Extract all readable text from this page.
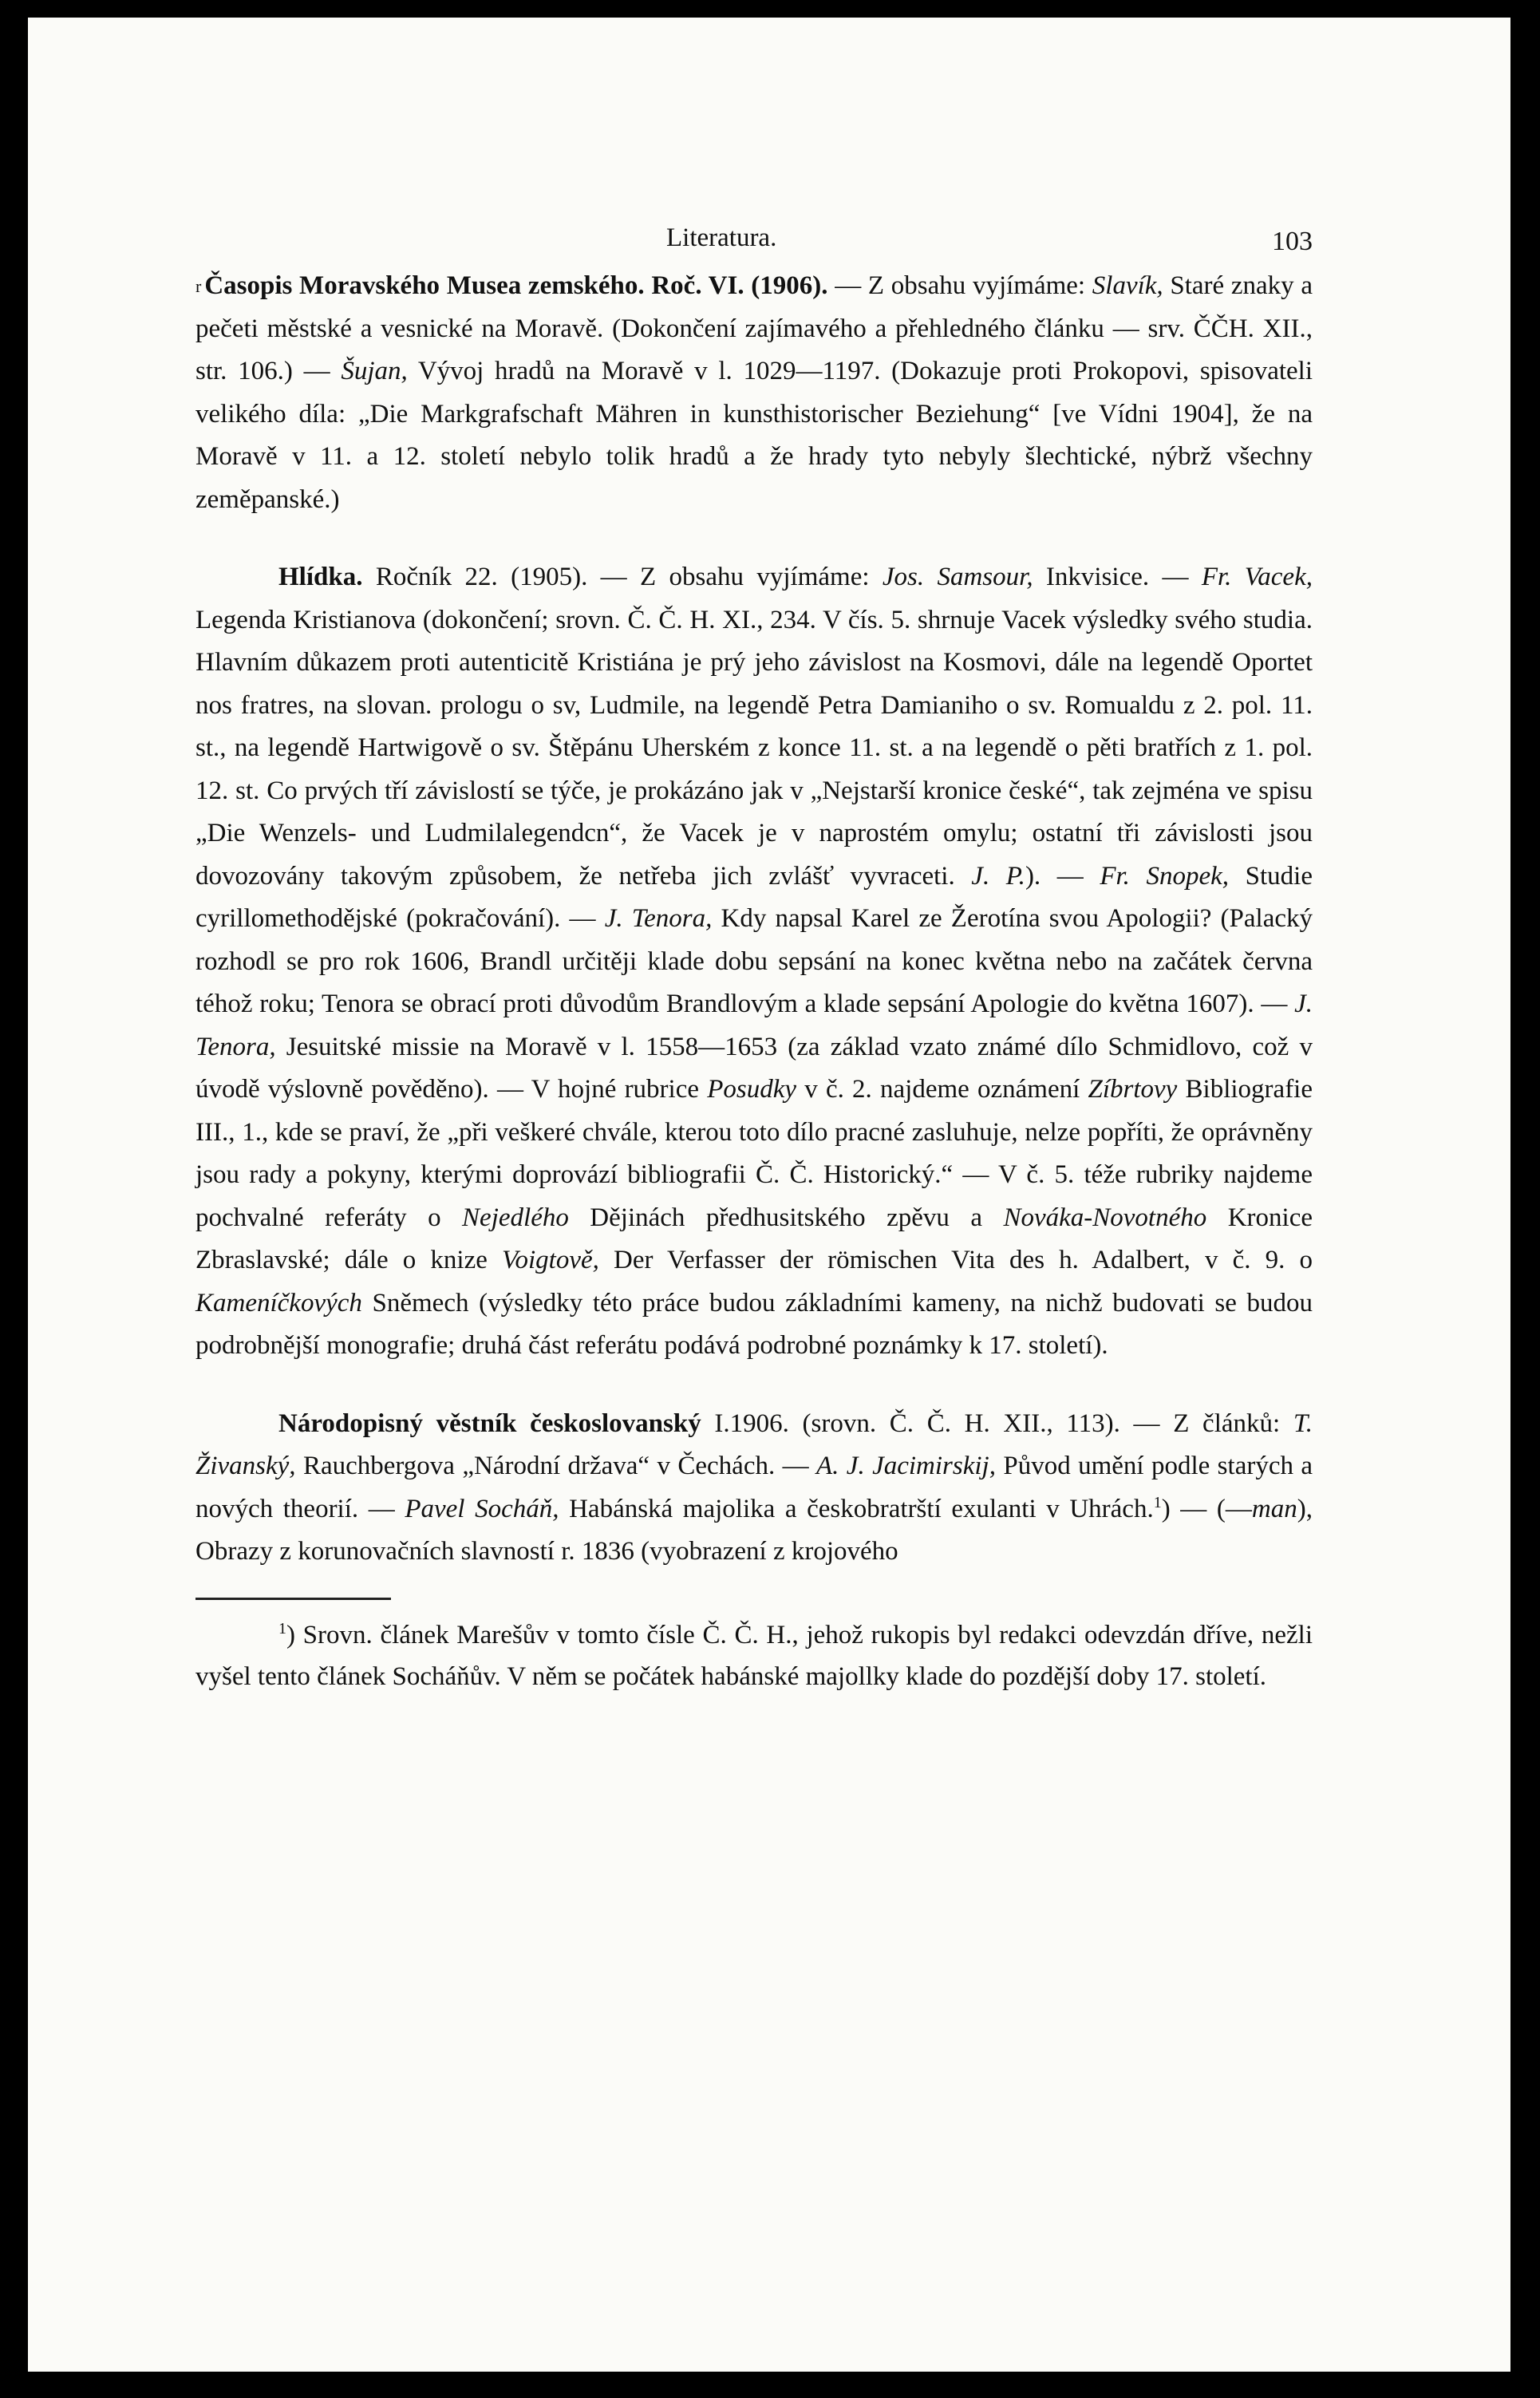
Literatura.	103

$^r$ Časopis Moravského Musea zemského. Roč. VI. (1906). — Z obsahu vyjímáme: Slavík, Staré znaky a pečeti městské a vesnické na Moravě. (Dokončení zajímavého a přehledného článku — srv. ČČH. XII., str. 106.) — Šujan, Vývoj hradů na Moravě v l. 1029—1197. (Dokazuje proti Prokopovi, spisovateli velikého díla: „Die Markgrafschaft Mähren in kunsthistorischer Beziehung“ [ve Vídni 1904], že na Moravě v 11. a 12. století nebylo tolik hradů a že hrady tyto nebyly šlechtické, nýbrž všechny zeměpanské.)

Hlídka. Ročník 22. (1905). — Z obsahu vyjímáme: Jos. Samsour, Inkvisice. — Fr. Vacek, Legenda Kristianova (dokončení; srovn. Č. Č. H. XI., 234. V čís. 5. shrnuje Vacek výsledky svého studia. Hlavním důkazem proti autenticitě Kristiána je prý jeho závislost na Kosmovi, dále na legendě Oportet nos fratres, na slovan. prologu o sv, Ludmile, na legendě Petra Damianiho o sv. Romualdu z 2. pol. 11. st., na legendě Hartwigově o sv. Štěpánu Uherském z konce 11. st. a na legendě o pěti bratřích z 1. pol. 12. st. Co prvých tří závislostí se týče, je prokázáno jak v „Nejstarší kronice české“, tak zejména ve spisu „Die Wenzels- und Ludmilalegendcn“, že Vacek je v naprostém omylu; ostatní tři závislosti jsou dovozovány takovým způsobem, že netřeba jich zvlášť vyvraceti. J. P.). — Fr. Snopek, Studie cyrillomethodějské (pokračování). — J. Tenora, Kdy napsal Karel ze Žerotína svou Apologii? (Palacký rozhodl se pro rok 1606, Brandl určitěji klade dobu sepsání na konec května nebo na začátek června téhož roku; Tenora se obrací proti důvodům Brandlovým a klade sepsání Apologie do května 1607). — J. Tenora, Jesuitské missie na Moravě v l. 1558—1653 (za základ vzato známé dílo Schmidlovo, což v úvodě výslovně pověděno). — V hojné rubrice Posudky v č. 2. najdeme oznámení Zíbrtovy Bibliografie III., 1., kde se praví, že „při veškeré chvále, kterou toto dílo pracné zasluhuje, nelze popříti, že oprávněny jsou rady a pokyny, kterými doprovází bibliografii Č. Č. Historický.“ — V č. 5. téže rubriky najdeme pochvalné referáty o Nejedlého Dějinách předhusitského zpěvu a Nováka-Novotného Kronice Zbraslavské; dále o knize Voigtově, Der Verfasser der römischen Vita des h. Adalbert, v č. 9. o Kameníčkových Sněmech (výsledky této práce budou základními kameny, na nichž budovati se budou podrobnější monografie; druhá část referátu podává podrobné poznámky k 17. století).

Národopisný věstník českoslovanský I.1906. (srovn. Č. Č. H. XII., 113). — Z článků: T. Živanský, Rauchbergova „Národní državа“ v Čechách. — A. J. Jacimirskij, Původ umění podle starých a nových theorií. — Pavel Socháň, Habánská majolika a českobratrští exulanti v Uhrách.$^1$) — (—man), Obrazy z korunovačních slavností r. 1836 (vyobrazení z krojového

$^1$) Srovn. článek Marešův v tomto čísle Č. Č. H., jehož rukopis byl redakci odevzdán dříve, nežli vyšel tento článek Socháňův. V něm se počátek habánské majollky klade do pozdější doby 17. století.
